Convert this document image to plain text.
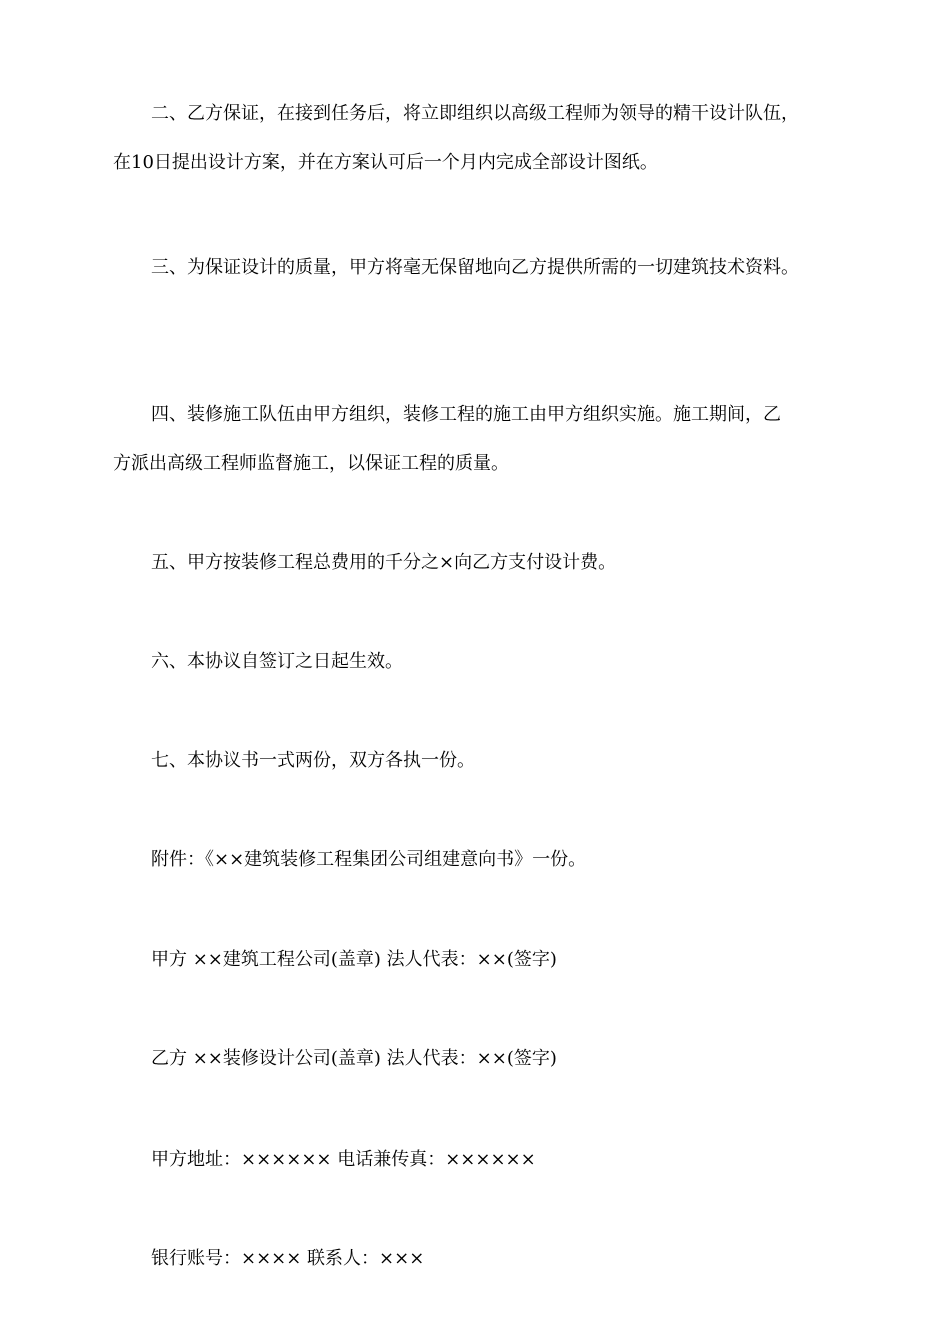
二、乙方保证，在接到任务后，将立即组织以高级工程师为领导的精干设计队伍，
在10日提出设计方案，并在方案认可后一个月内完成全部设计图纸。

三、为保证设计的质量，甲方将毫无保留地向乙方提供所需的一切建筑技术资料。

四、装修施工队伍由甲方组织，装修工程的施工由甲方组织实施。施工期间，乙
方派出高级工程师监督施工，以保证工程的质量。

五、甲方按装修工程总费用的千分之×向乙方支付设计费。

六、本协议自签订之日起生效。

七、本协议书一式两份，双方各执一份。

附件：《××建筑装修工程集团公司组建意向书》一份。

甲方 ××建筑工程公司(盖章) 法人代表：××(签字)

乙方 ××装修设计公司(盖章) 法人代表：××(签字)

甲方地址：×××××× 电话兼传真：××××××

银行账号：×××× 联系人：×××
